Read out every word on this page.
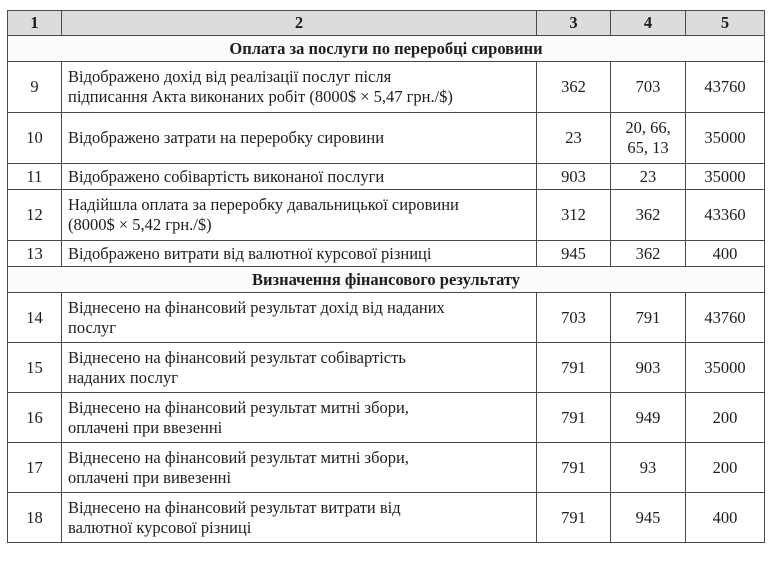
1	2	3	4	5
Оплата за послуги по переробці сировини				
9	Відображено дохід від реалізації послуг після
підписання Акта виконаних робіт (8000$ × 5,47 грн./$)	362	703	43760
10	Відображено затрати на переробку сировини	23	20, 66,
65, 13	35000
11	Відображено собівартість виконаної послуги	903	23	35000
12	Надійшла оплата за переробку давальницької сировини
(8000$ × 5,42 грн./$)	312	362	43360
13	Відображено витрати від валютної курсової різниці	945	362	400
Визначення фінансового результату				
14	Віднесено на фінансовий результат дохід від наданих
послуг	703	791	43760
15	Віднесено на фінансовий результат собівартість
наданих послуг	791	903	35000
16	Віднесено на фінансовий результат митні збори,
оплачені при ввезенні	791	949	200
17	Віднесено на фінансовий результат митні збори,
оплачені при вивезенні	791	93	200
18	Віднесено на фінансовий результат витрати від
валютної курсової різниці	791	945	400
